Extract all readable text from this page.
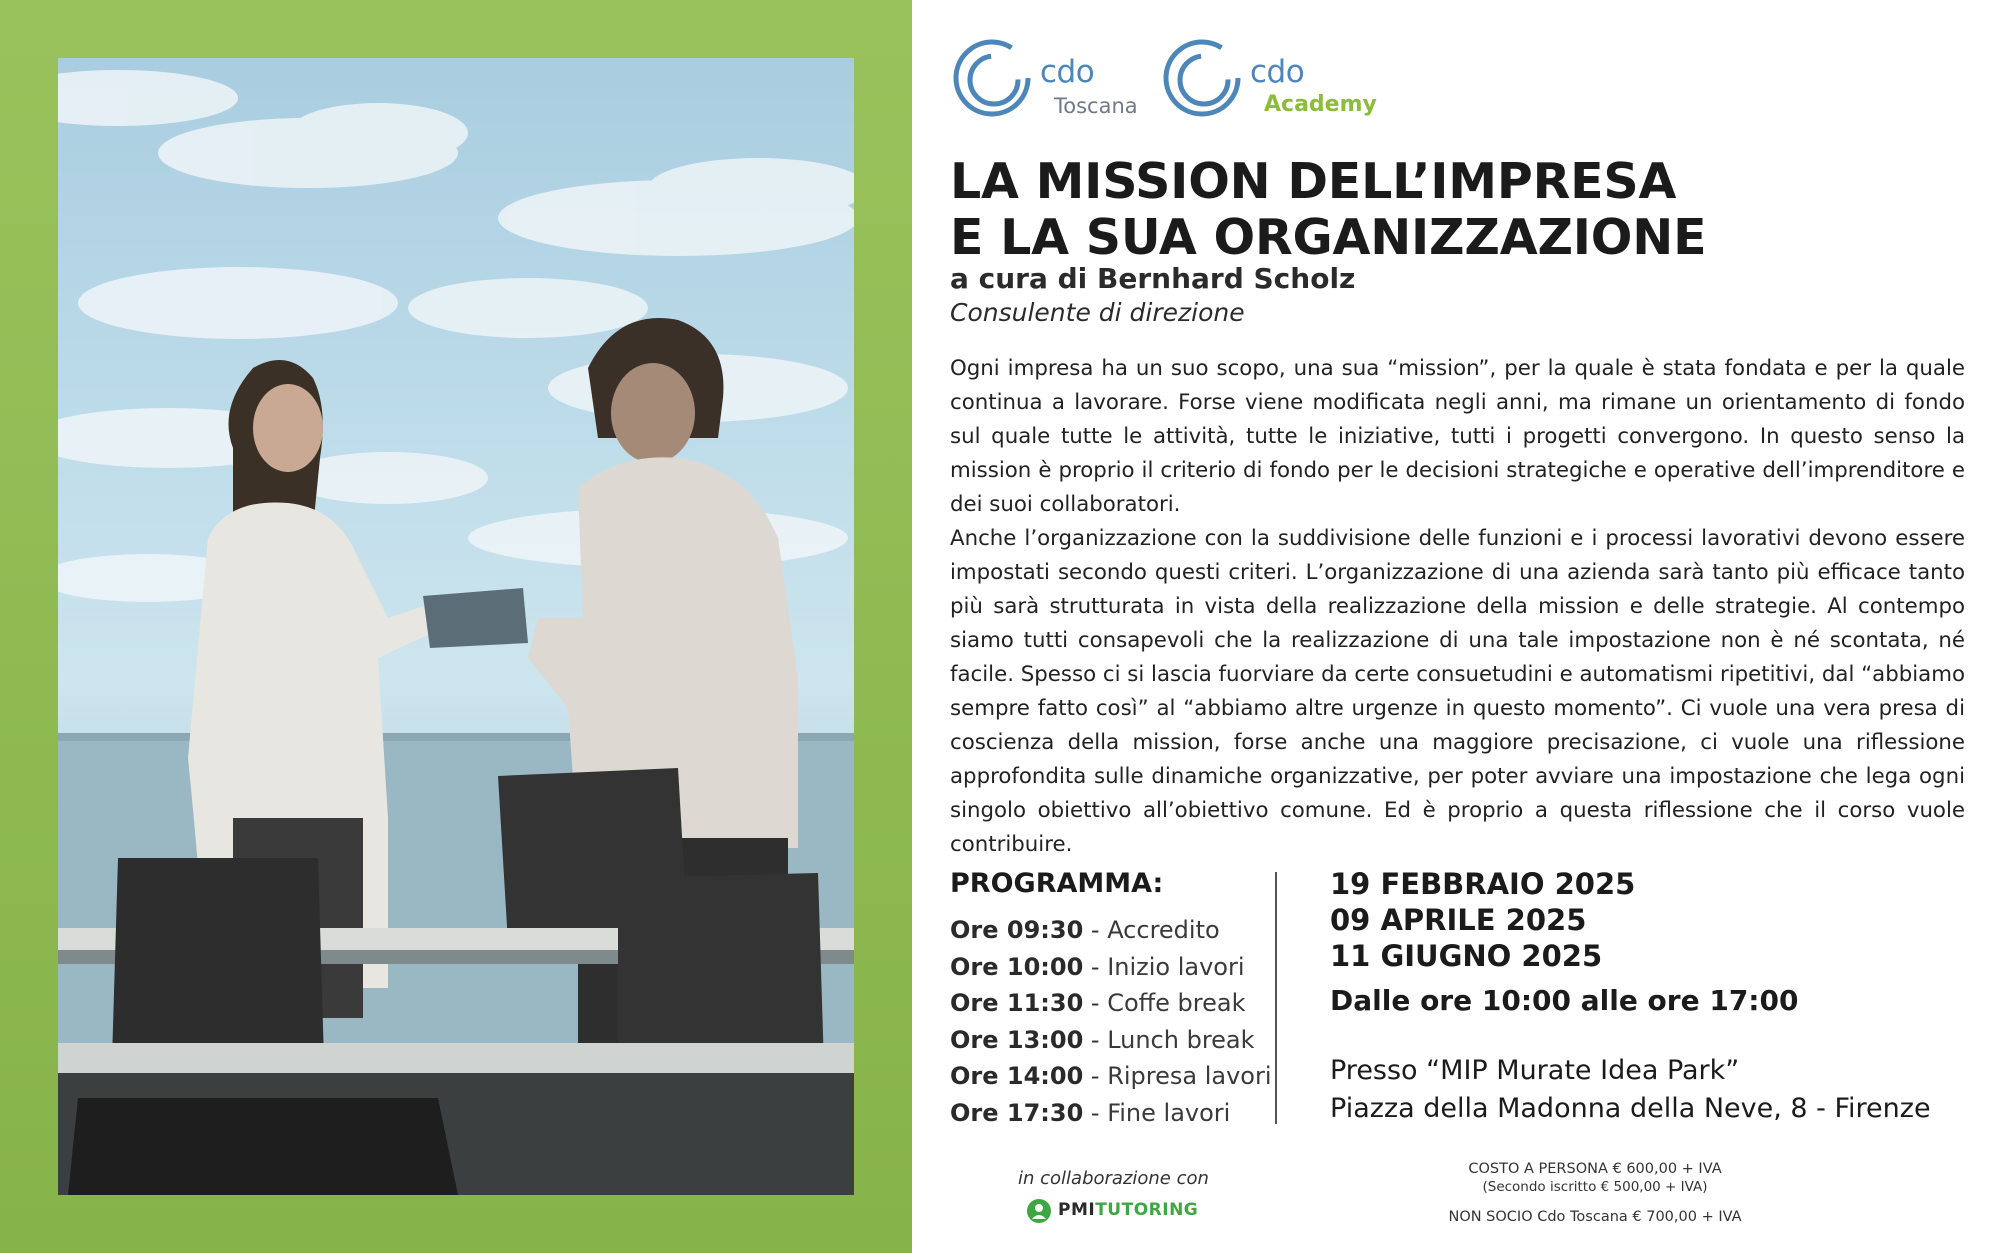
cdo
Toscana
cdo
Academy
LA MISSION DELL’IMPRESA
E LA SUA ORGANIZZAZIONE
a cura di Bernhard Scholz
Consulente di direzione

Ogni impresa ha un suo scopo, una sua “mission”, per la quale è stata fondata e per la quale continua a lavorare. Forse viene modificata negli anni, ma rimane un orientamento di fondo sul quale tutte le attività, tutte le iniziative, tutti i progetti convergono. In questo senso la mission è proprio il criterio di fondo per le decisioni strategiche e operative dell’imprenditore e dei suoi collaboratori.

Anche l’organizzazione con la suddivisione delle funzioni e i processi lavorativi devono essere impostati secondo questi criteri. L’organizzazione di una azienda sarà tanto più efficace tanto più sarà strutturata in vista della realizzazione della mission e delle strategie. Al contempo siamo tutti consapevoli che la realizzazione di una tale impostazione non è né scontata, né facile. Spesso ci si lascia fuorviare da certe consuetudini e automatismi ripetitivi, dal “abbiamo sempre fatto così” al “abbiamo altre urgenze in questo momento”. Ci vuole una vera presa di coscienza della mission, forse anche una maggiore precisazione, ci vuole una riflessione approfondita sulle dinamiche organizzative, per poter avviare una impostazione che lega ogni singolo obiettivo all’obiettivo comune. Ed è proprio a questa riflessione che il corso vuole contribuire.

PROGRAMMA:
Ore 09:30 - Accredito
Ore 10:00 - Inizio lavori
Ore 11:30 - Coffe break
Ore 13:00 - Lunch break
Ore 14:00 - Ripresa lavori
Ore 17:30 - Fine lavori
19 FEBBRAIO 2025
09 APRILE 2025
11 GIUGNO 2025
Dalle ore 10:00 alle ore 17:00
Presso “MIP Murate Idea Park”
Piazza della Madonna della Neve, 8 - Firenze
in collaborazione con
PMITUTORING
COSTO A PERSONA € 600,00 + IVA
(Secondo iscritto € 500,00 + IVA)
NON SOCIO Cdo Toscana € 700,00 + IVA
